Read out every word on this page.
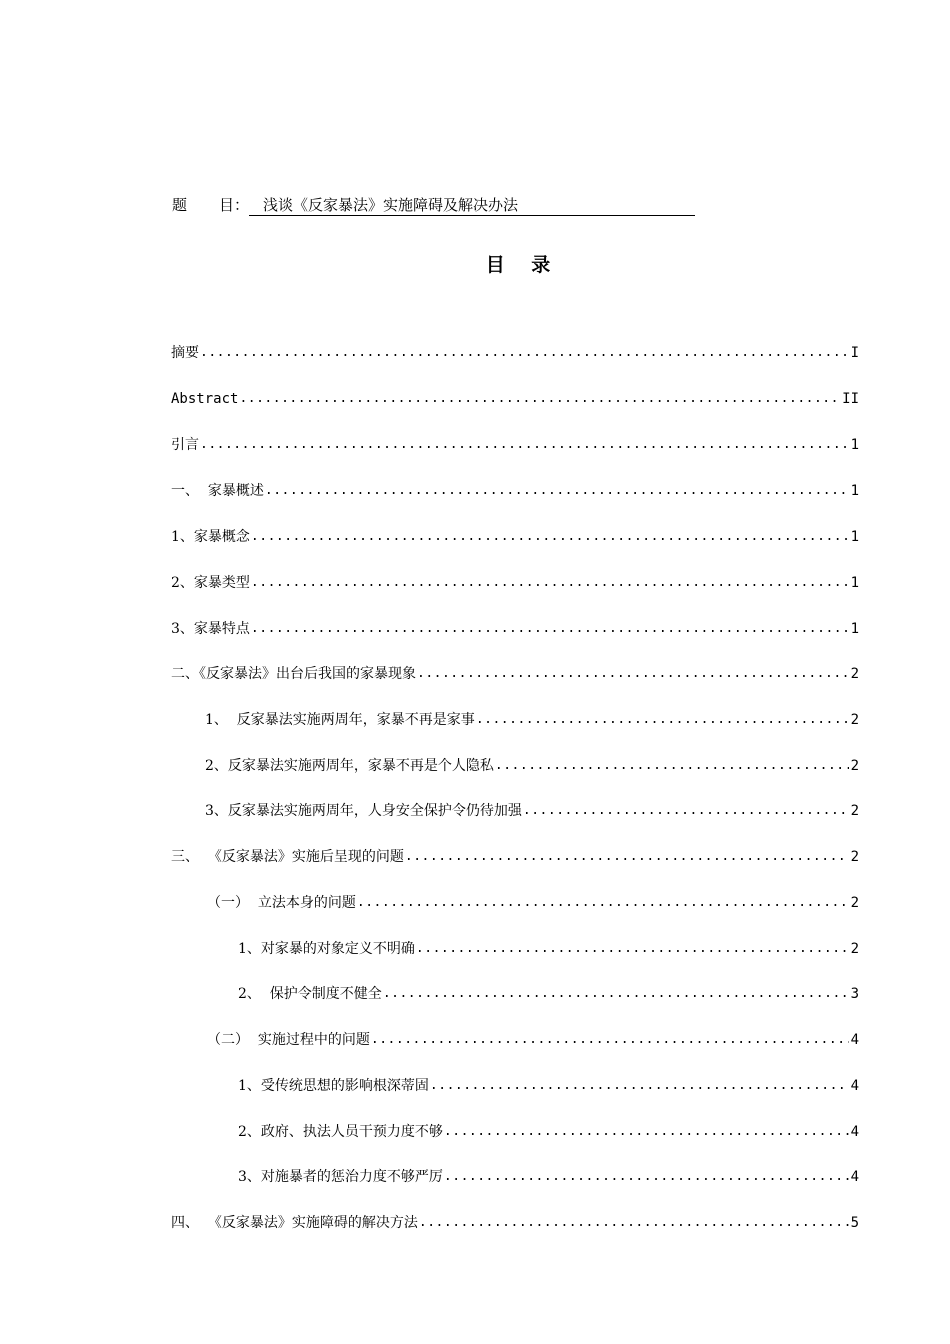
题 目： 浅谈《反家暴法》实施障碍及解决办法
目    录
摘要 .....	I
Abstract .....	II
引言 .....	1
一、  家暴概述 .....	1
1、家暴概念 .....	1
2、家暴类型 .....	1
3、家暴特点 .....	1
二、《反家暴法》出台后我国的家暴现象 .....	2
1、  反家暴法实施两周年，家暴不再是家事 .....	2
2、反家暴法实施两周年，家暴不再是个人隐私 .....	2
3、反家暴法实施两周年，人身安全保护令仍待加强 .....	2
三、  《反家暴法》实施后呈现的问题 .....	2
（一）  立法本身的问题 .....	2
1、对家暴的对象定义不明确 .....	2
2、  保护令制度不健全 .....	3
（二）  实施过程中的问题 .....	4
1、受传统思想的影响根深蒂固 .....	4
2、政府、执法人员干预力度不够 .....	4
3、对施暴者的惩治力度不够严厉 .....	4
四、  《反家暴法》实施障碍的解决方法 .....	5
